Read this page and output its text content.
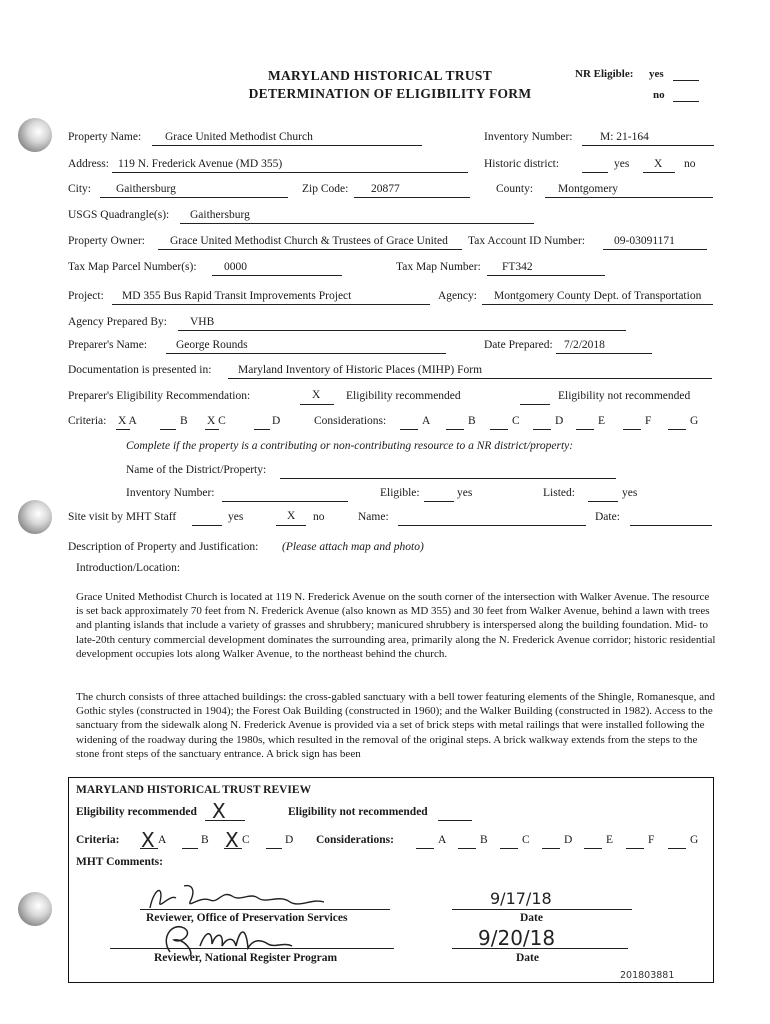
MARYLAND HISTORICAL TRUST
DETERMINATION OF ELIGIBILITY FORM
NR Eligible: yes
no
Property Name: Grace United Methodist Church	Inventory Number: M: 21-164
Address: 119 N. Frederick Avenue (MD 355)	Historic district:	yes X no
City: Gaithersburg	Zip Code: 20877	County: Montgomery
USGS Quadrangle(s): Gaithersburg
Property Owner: Grace United Methodist Church & Trustees of Grace United Tax Account ID Number:	09-03091171
Tax Map Parcel Number(s): 0000	Tax Map Number: FT342
Project: MD 355 Bus Rapid Transit Improvements Project	Agency: Montgomery County Dept. of Transportation
Agency Prepared By: VHB
Preparer's Name:	George Rounds	Date Prepared: 7/2/2018
Documentation is presented in: Maryland Inventory of Historic Places (MIHP) Form
Preparer's Eligibility Recommendation:	X Eligibility recommended	Eligibility not recommended
Criteria: X A	B X C	D	Considerations:	A	B	C	D	E	F	G
Complete if the property is a contributing or non-contributing resource to a NR district/property:
Name of the District/Property:
Inventory Number:	Eligible:	yes	Listed:	yes
Site visit by MHT Staff	yes	X no	Name:	Date:
Description of Property and Justification: (Please attach map and photo)
Introduction/Location:
Grace United Methodist Church is located at 119 N. Frederick Avenue on the south corner of the intersection with Walker Avenue. The resource is set back approximately 70 feet from N. Frederick Avenue (also known as MD 355) and 30 feet from Walker Avenue, behind a lawn with trees and planting islands that include a variety of grasses and shrubbery; manicured shrubbery is interspersed along the building foundation. Mid- to late-20th century commercial development dominates the surrounding area, primarily along the N. Frederick Avenue corridor; historic residential development occupies lots along Walker Avenue, to the northeast behind the church.
The church consists of three attached buildings: the cross-gabled sanctuary with a bell tower featuring elements of the Shingle, Romanesque, and Gothic styles (constructed in 1904); the Forest Oak Building (constructed in 1960); and the Walker Building (constructed in 1982). Access to the sanctuary from the sidewalk along N. Frederick Avenue is provided via a set of brick steps with metal railings that were installed following the widening of the roadway during the 1980s, which resulted in the removal of the original steps. A brick walkway extends from the steps to the stone front steps of the sanctuary entrance. A brick sign has been
MARYLAND HISTORICAL TRUST REVIEW
Eligibility recommended X	Eligibility not recommended
Criteria: X A	B X C	D Considerations:	A	B	C	D	E	F	G
MHT Comments:
Reviewer, Office of Preservation Services
9/17/18
Date
Reviewer, National Register Program
9/20/18
Date
201803881
